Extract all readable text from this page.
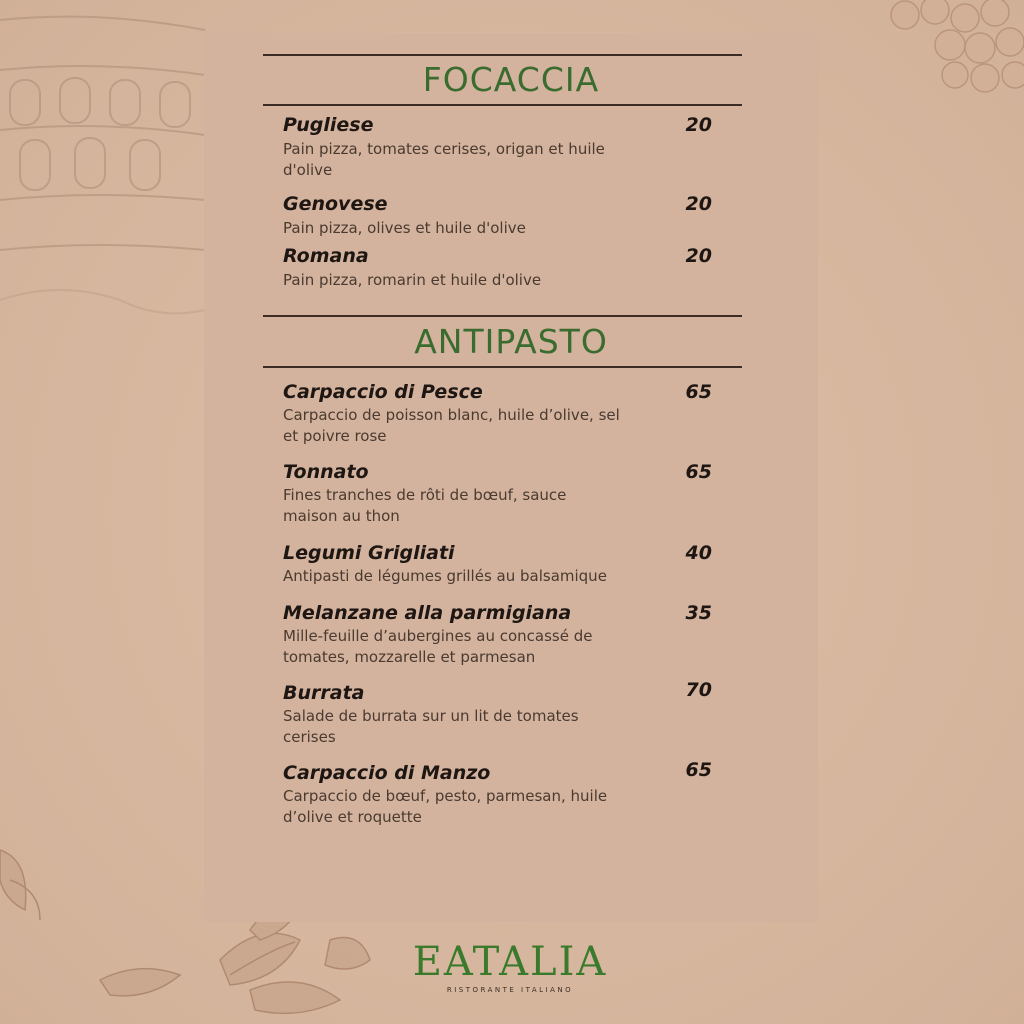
FOCACCIA
Pugliese	20
Pain pizza, tomates cerises, origan et huile d'olive
Genovese	20
Pain pizza, olives et huile d'olive
Romana	20
Pain pizza, romarin et huile d'olive
ANTIPASTO
Carpaccio di Pesce	65
Carpaccio de poisson blanc, huile d’olive, sel et poivre rose
Tonnato	65
Fines tranches de rôti de bœuf, sauce maison au thon
Legumi Grigliati	40
Antipasti de légumes grillés au balsamique
Melanzane alla parmigiana	35
Mille-feuille d’aubergines au concassé de tomates, mozzarelle et parmesan
Burrata	70
Salade de burrata sur un lit de tomates cerises
Carpaccio di Manzo	65
Carpaccio de bœuf, pesto, parmesan, huile d’olive et roquette
EATALIA
RISTORANTE ITALIANO
